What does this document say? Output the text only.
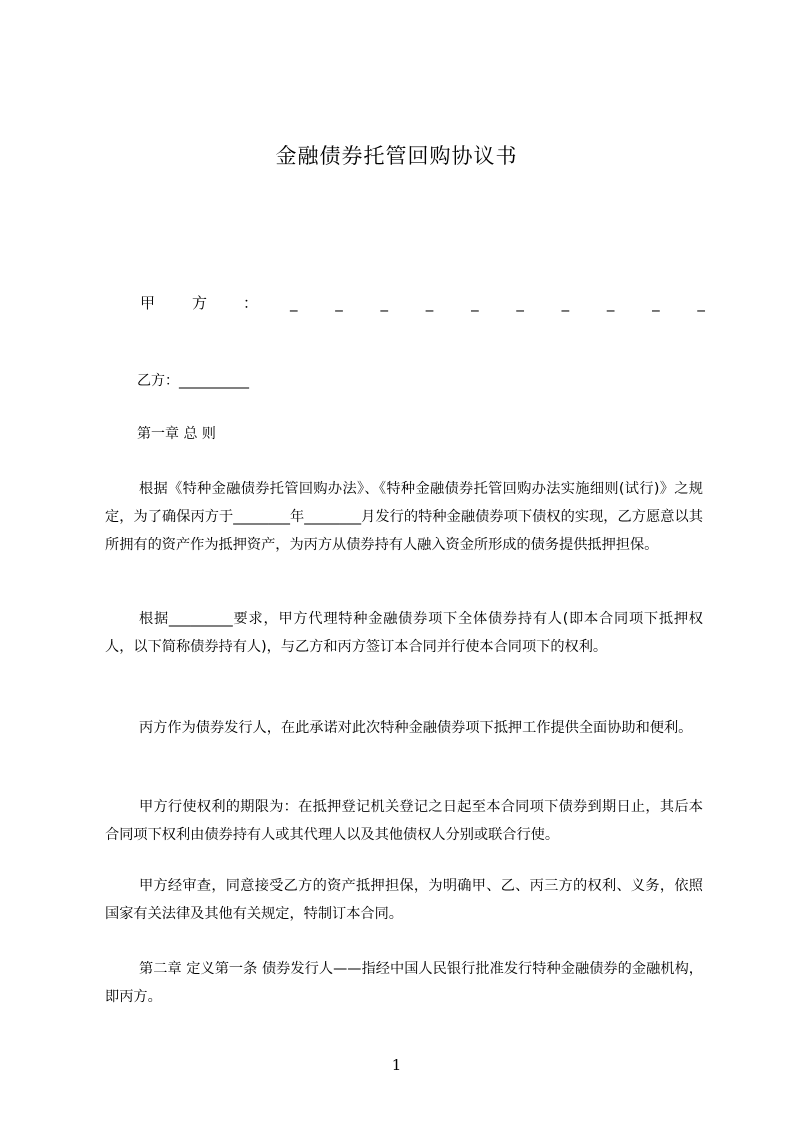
金融债券托管回购协议书
甲 方 ： _	_	_	_	_	_	_	_	_	_
乙方：__________
第一章 总 则
根据《特种金融债券托管回购办法》、《特种金融债券托管回购办法实施细则(试行)》之规定，为了确保丙方于________年________月发行的特种金融债券项下债权的实现，乙方愿意以其所拥有的资产作为抵押资产，为丙方从债券持有人融入资金所形成的债务提供抵押担保。
根据_________要求，甲方代理特种金融债券项下全体债券持有人(即本合同项下抵押权人，以下简称债券持有人)，与乙方和丙方签订本合同并行使本合同项下的权利。
丙方作为债券发行人，在此承诺对此次特种金融债券项下抵押工作提供全面协助和便利。
甲方行使权利的期限为：在抵押登记机关登记之日起至本合同项下债券到期日止，其后本合同项下权利由债券持有人或其代理人以及其他债权人分别或联合行使。
甲方经审查，同意接受乙方的资产抵押担保，为明确甲、乙、丙三方的权利、义务，依照国家有关法律及其他有关规定，特制订本合同。
第二章 定义第一条 债券发行人——指经中国人民银行批准发行特种金融债券的金融机构，即丙方。
1
